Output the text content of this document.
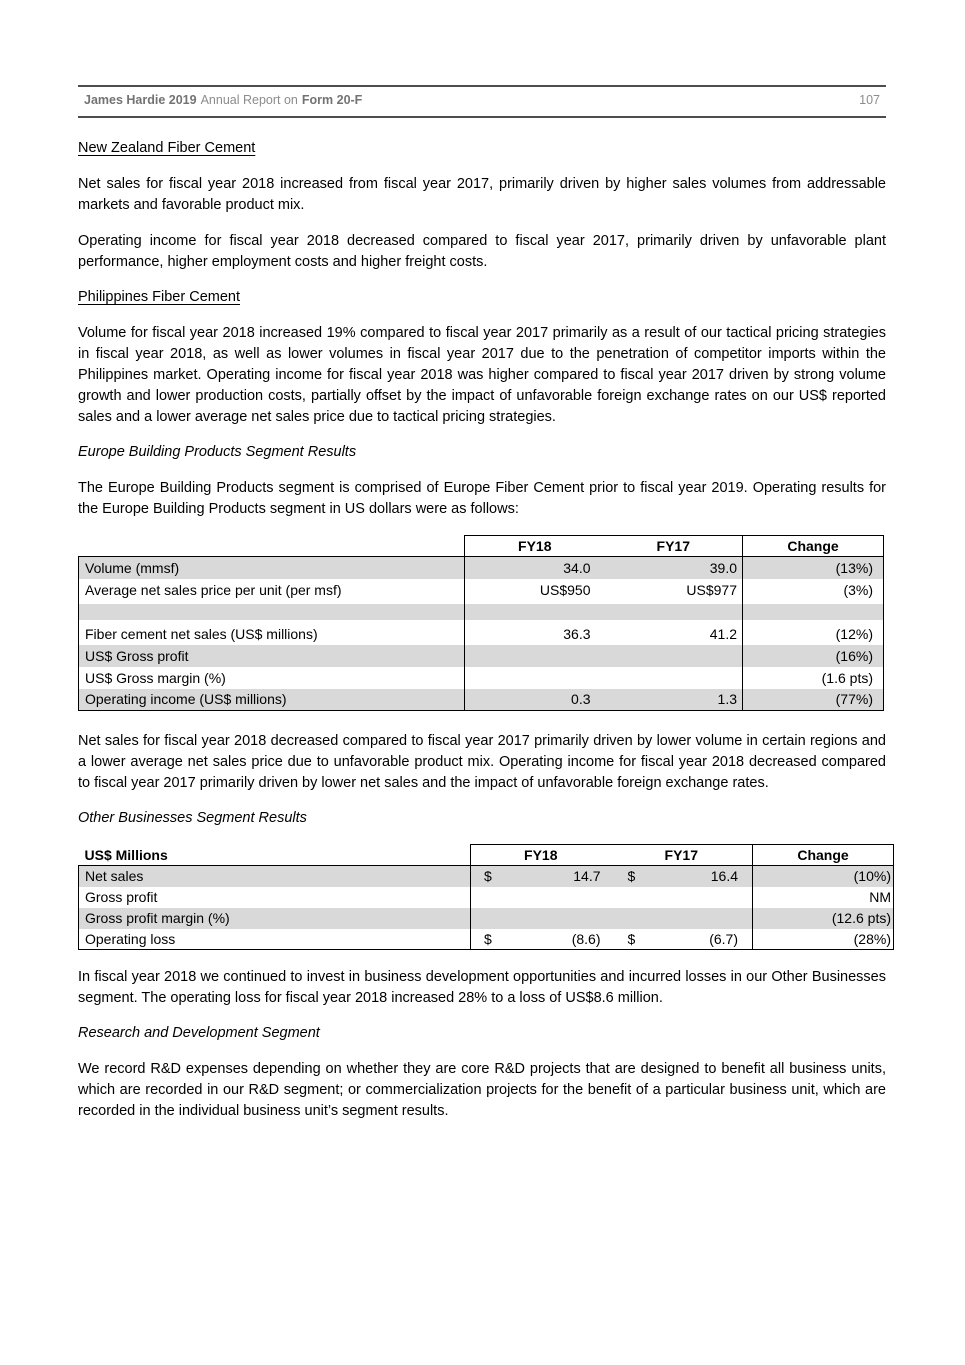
James Hardie 2019 Annual Report on Form 20-F	107
New Zealand Fiber Cement

Net sales for fiscal year 2018 increased from fiscal year 2017, primarily driven by higher sales volumes from addressable markets and favorable product mix.

Operating income for fiscal year 2018 decreased compared to fiscal year 2017, primarily driven by unfavorable plant performance, higher employment costs and higher freight costs.

Philippines Fiber Cement

Volume for fiscal year 2018 increased 19% compared to fiscal year 2017 primarily as a result of our tactical pricing strategies in fiscal year 2018, as well as lower volumes in fiscal year 2017 due to the penetration of competitor imports within the Philippines market. Operating income for fiscal year 2018 was higher compared to fiscal year 2017 driven by strong volume growth and lower production costs, partially offset by the impact of unfavorable foreign exchange rates on our US$ reported sales and a lower average net sales price due to tactical pricing strategies.

Europe Building Products Segment Results

The Europe Building Products segment is comprised of Europe Fiber Cement prior to fiscal year 2019. Operating results for the Europe Building Products segment in US dollars were as follows:

	FY18	FY17	Change
Volume (mmsf)	34.0	39.0	(13%)
Average net sales price per unit (per msf)	US$950	US$977	(3%)

Fiber cement net sales (US$ millions)	36.3	41.2	(12%)
US$ Gross profit			(16%)
US$ Gross margin (%)			(1.6 pts)
Operating income (US$ millions)	0.3	1.3	(77%)

Net sales for fiscal year 2018 decreased compared to fiscal year 2017 primarily driven by lower volume in certain regions and a lower average net sales price due to unfavorable product mix. Operating income for fiscal year 2018 decreased compared to fiscal year 2017 primarily driven by lower net sales and the impact of unfavorable foreign exchange rates.

Other Businesses Segment Results
US$ Millions	FY18	FY17	Change
Net sales	$ 14.7	$ 16.4	(10%)
Gross profit			NM
Gross profit margin (%)			(12.6 pts)
Operating loss	$ (8.6)	$ (6.7)	(28%)

In fiscal year 2018 we continued to invest in business development opportunities and incurred losses in our Other Businesses segment. The operating loss for fiscal year 2018 increased 28% to a loss of US$8.6 million.

Research and Development Segment

We record R&D expenses depending on whether they are core R&D projects that are designed to benefit all business units, which are recorded in our R&D segment; or commercialization projects for the benefit of a particular business unit, which are recorded in the individual business unit’s segment results.
